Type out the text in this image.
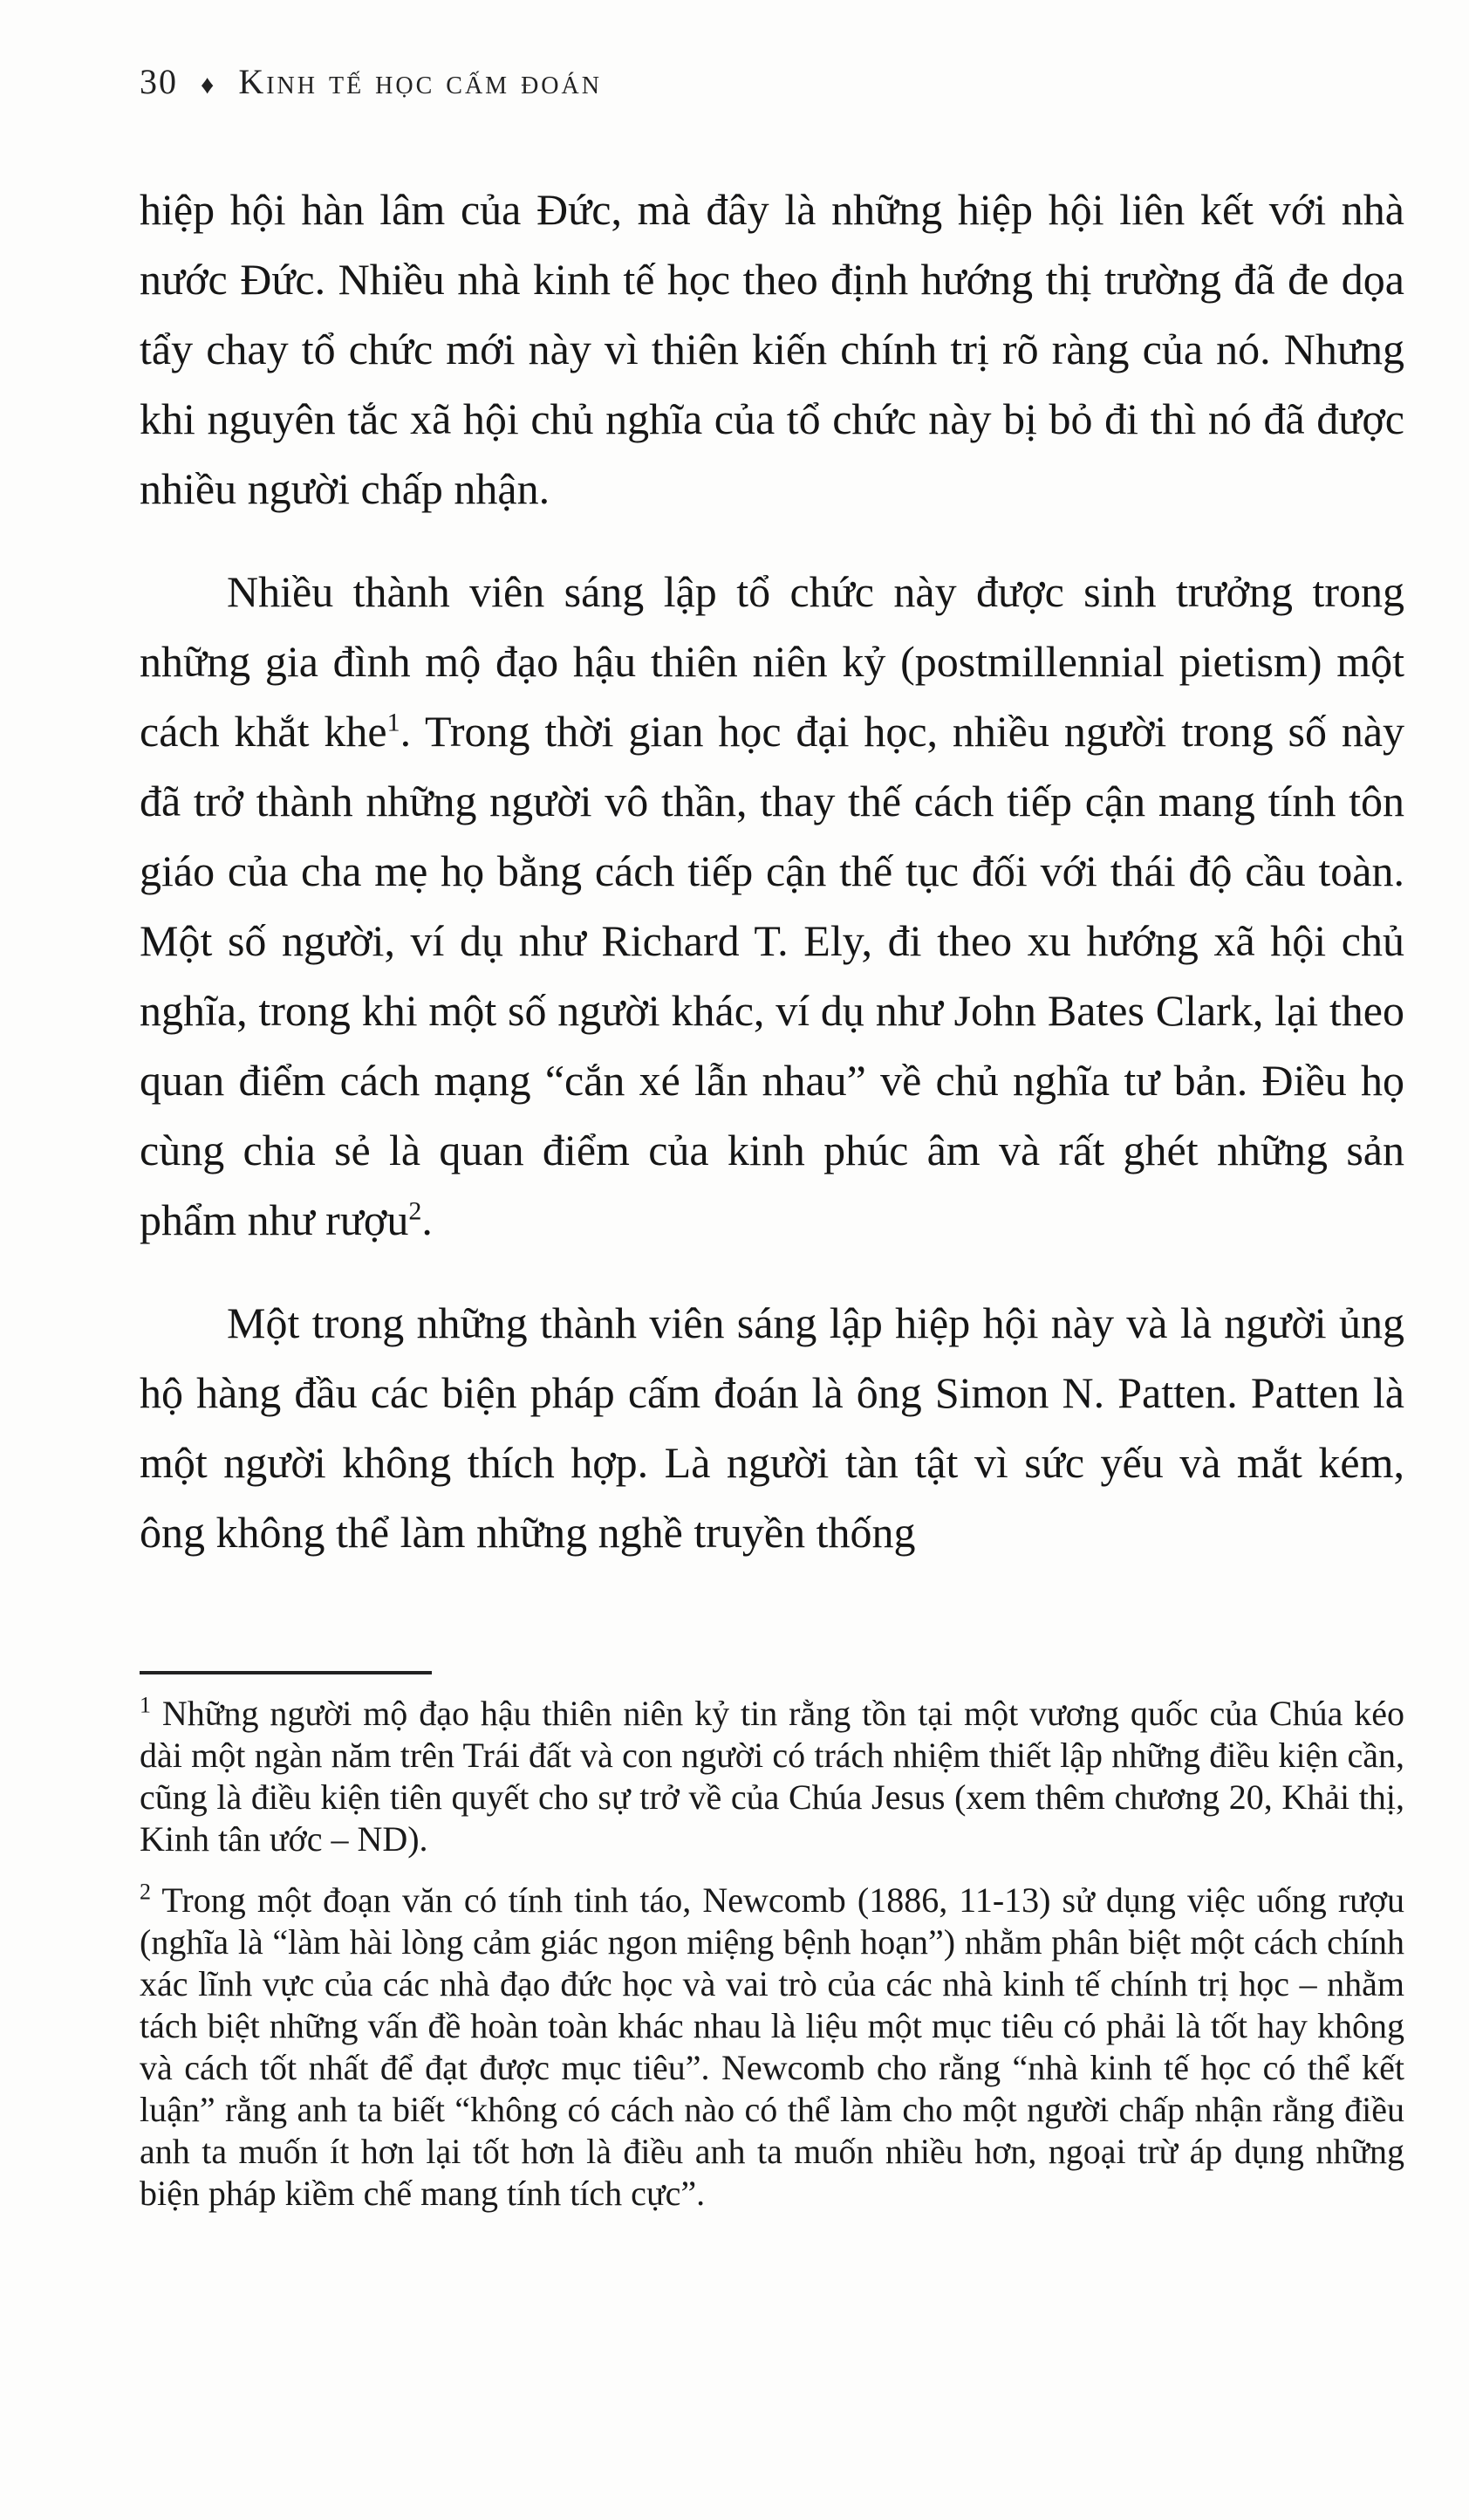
30 ♦ Kinh tế học cấm đoán

hiệp hội hàn lâm của Đức, mà đây là những hiệp hội liên kết với nhà nước Đức. Nhiều nhà kinh tế học theo định hướng thị trường đã đe dọa tẩy chay tổ chức mới này vì thiên kiến chính trị rõ ràng của nó. Nhưng khi nguyên tắc xã hội chủ nghĩa của tổ chức này bị bỏ đi thì nó đã được nhiều người chấp nhận.

Nhiều thành viên sáng lập tổ chức này được sinh trưởng trong những gia đình mộ đạo hậu thiên niên kỷ (postmillennial pietism) một cách khắt khe$^1$. Trong thời gian học đại học, nhiều người trong số này đã trở thành những người vô thần, thay thế cách tiếp cận mang tính tôn giáo của cha mẹ họ bằng cách tiếp cận thế tục đối với thái độ cầu toàn. Một số người, ví dụ như Richard T. Ely, đi theo xu hướng xã hội chủ nghĩa, trong khi một số người khác, ví dụ như John Bates Clark, lại theo quan điểm cách mạng “cắn xé lẫn nhau” về chủ nghĩa tư bản. Điều họ cùng chia sẻ là quan điểm của kinh phúc âm và rất ghét những sản phẩm như rượu$^2$.

Một trong những thành viên sáng lập hiệp hội này và là người ủng hộ hàng đầu các biện pháp cấm đoán là ông Simon N. Patten. Patten là một người không thích hợp. Là người tàn tật vì sức yếu và mắt kém, ông không thể làm những nghề truyền thống

$^1$ Những người mộ đạo hậu thiên niên kỷ tin rằng tồn tại một vương quốc của Chúa kéo dài một ngàn năm trên Trái đất và con người có trách nhiệm thiết lập những điều kiện cần, cũng là điều kiện tiên quyết cho sự trở về của Chúa Jesus (xem thêm chương 20, Khải thị, Kinh tân ước – ND).

$^2$ Trong một đoạn văn có tính tinh táo, Newcomb (1886, 11-13) sử dụng việc uống rượu (nghĩa là “làm hài lòng cảm giác ngon miệng bệnh hoạn”) nhằm phân biệt một cách chính xác lĩnh vực của các nhà đạo đức học và vai trò của các nhà kinh tế chính trị học – nhằm tách biệt những vấn đề hoàn toàn khác nhau là liệu một mục tiêu có phải là tốt hay không và cách tốt nhất để đạt được mục tiêu”. Newcomb cho rằng “nhà kinh tế học có thể kết luận” rằng anh ta biết “không có cách nào có thể làm cho một người chấp nhận rằng điều anh ta muốn ít hơn lại tốt hơn là điều anh ta muốn nhiều hơn, ngoại trừ áp dụng những biện pháp kiềm chế mang tính tích cực”.
